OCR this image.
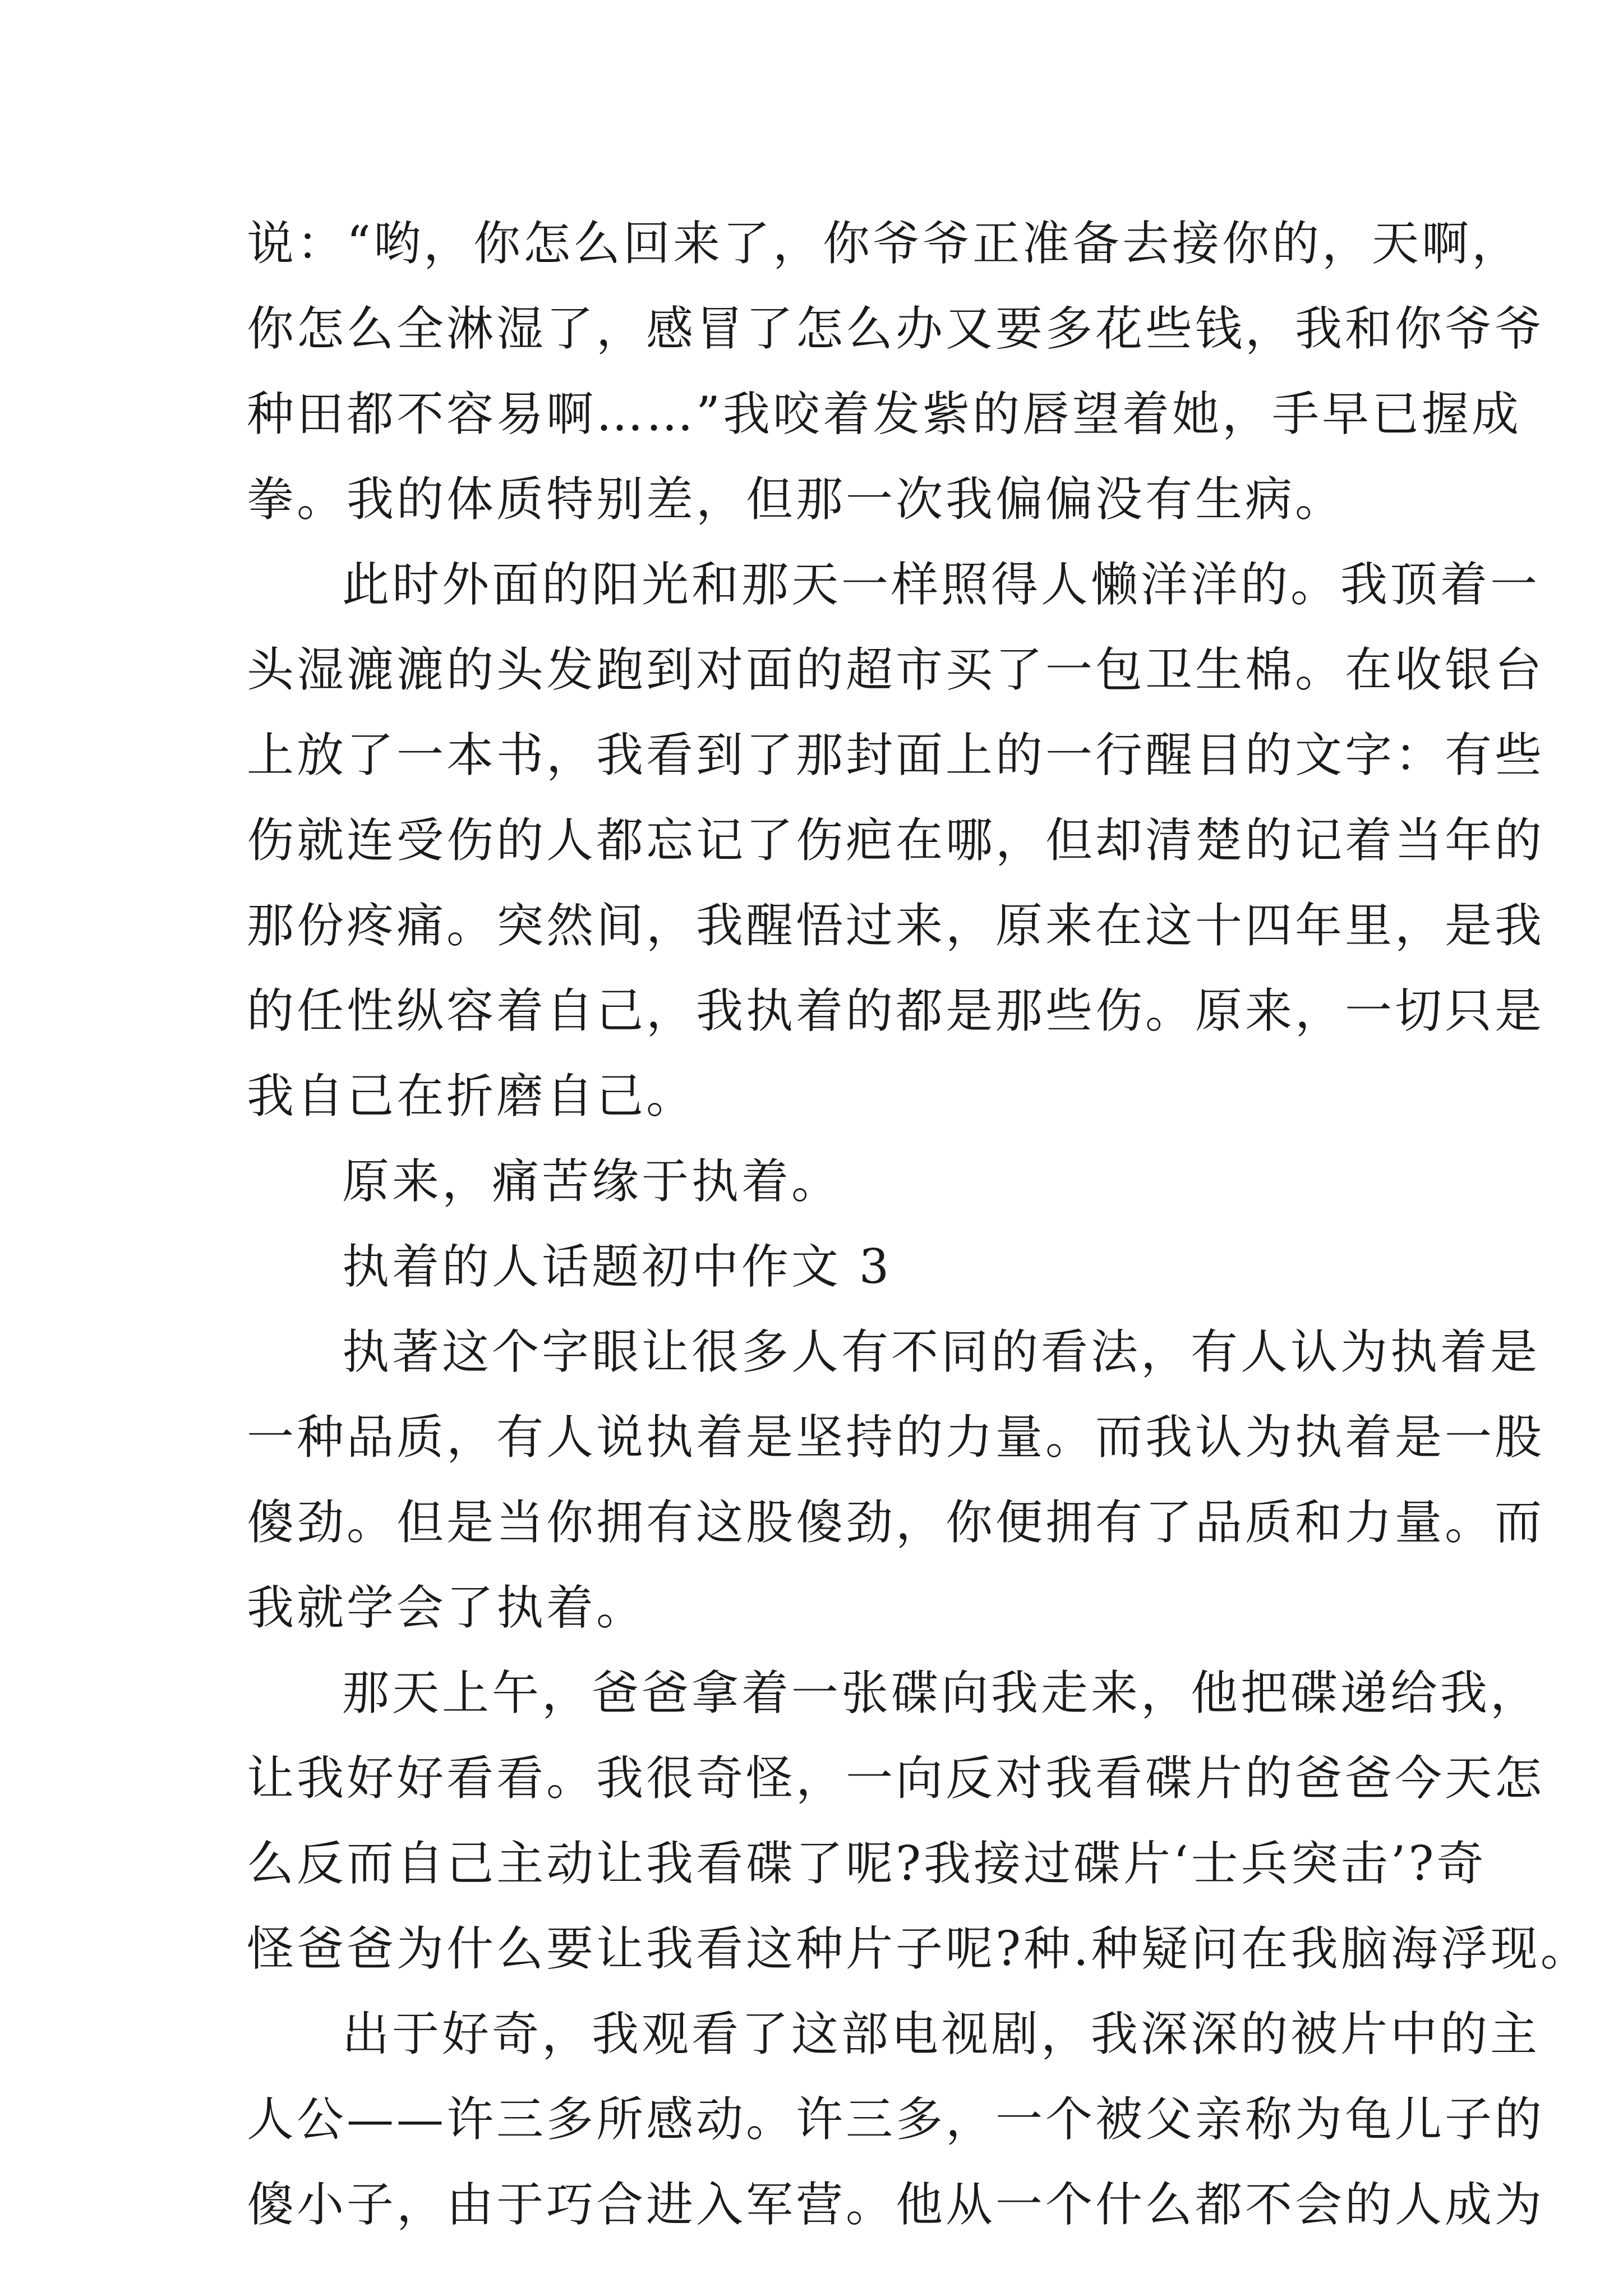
说：“哟，你怎么回来了，你爷爷正准备去接你的，天啊，
你怎么全淋湿了，感冒了怎么办又要多花些钱，我和你爷爷
种田都不容易啊……”我咬着发紫的唇望着她，手早已握成
拳。我的体质特别差，但那一次我偏偏没有生病。
此时外面的阳光和那天一样照得人懒洋洋的。我顶着一
头湿漉漉的头发跑到对面的超市买了一包卫生棉。在收银台
上放了一本书，我看到了那封面上的一行醒目的文字：有些
伤就连受伤的人都忘记了伤疤在哪，但却清楚的记着当年的
那份疼痛。突然间，我醒悟过来，原来在这十四年里，是我
的任性纵容着自己，我执着的都是那些伤。原来，一切只是
我自己在折磨自己。
原来，痛苦缘于执着。
执着的人话题初中作文 3
执著这个字眼让很多人有不同的看法，有人认为执着是
一种品质，有人说执着是坚持的力量。而我认为执着是一股
傻劲。但是当你拥有这股傻劲，你便拥有了品质和力量。而
我就学会了执着。
那天上午，爸爸拿着一张碟向我走来，他把碟递给我，
让我好好看看。我很奇怪，一向反对我看碟片的爸爸今天怎
么反而自己主动让我看碟了呢?我接过碟片‘士兵突击’?奇
怪爸爸为什么要让我看这种片子呢?种.种疑问在我脑海浮现。
出于好奇，我观看了这部电视剧，我深深的被片中的主
人公——许三多所感动。许三多，一个被父亲称为龟儿子的
傻小子，由于巧合进入军营。他从一个什么都不会的人成为
